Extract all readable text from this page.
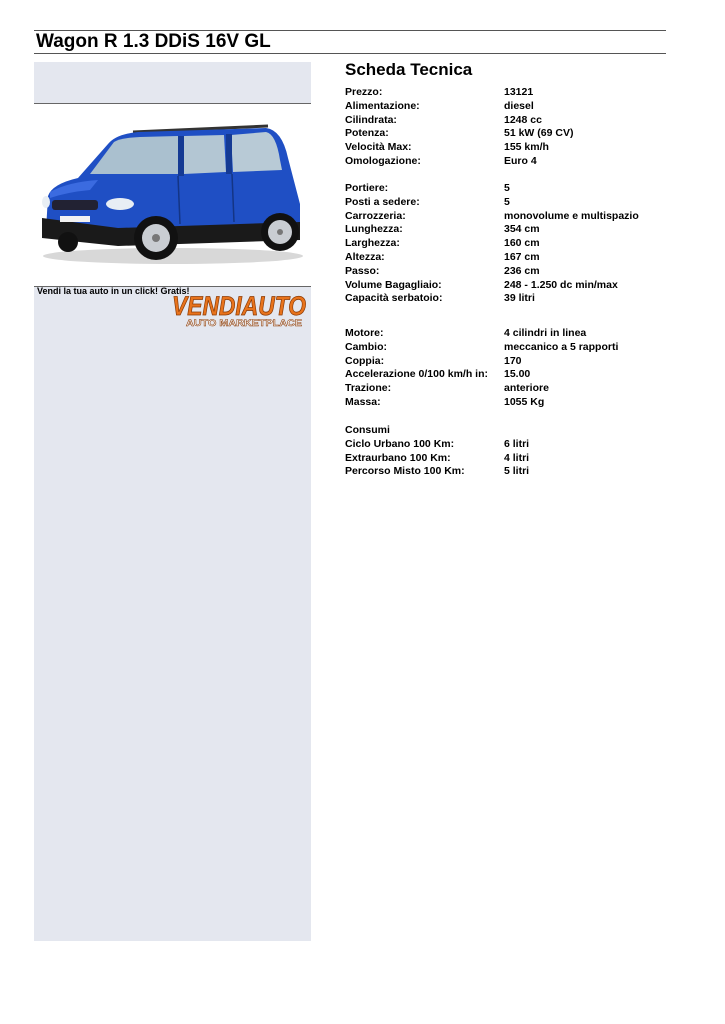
Wagon R 1.3 DDiS 16V GL
Vendi la tua auto in un click! Gratis!
VENDIAUTO
AUTO MARKETPLACE
Scheda Tecnica
Prezzo:	13121
Alimentazione:	diesel
Cilindrata:	1248 cc
Potenza:	51 kW (69 CV)
Velocità Max:	155 km/h
Omologazione:	Euro 4
Portiere:	5
Posti a sedere:	5
Carrozzeria:	monovolume e multispazio
Lunghezza:	354 cm
Larghezza:	160 cm
Altezza:	167 cm
Passo:	236 cm
Volume Bagagliaio:	248 - 1.250 dc min/max
Capacità serbatoio:	39 litri
Motore:	4 cilindri in linea
Cambio:	meccanico a 5 rapporti
Coppia:	170
Accelerazione 0/100 km/h in:	15.00
Trazione:	anteriore
Massa:	1055 Kg
Consumi
Ciclo Urbano 100 Km:	6 litri
Extraurbano 100 Km:	4 litri
Percorso Misto 100 Km:	5 litri
